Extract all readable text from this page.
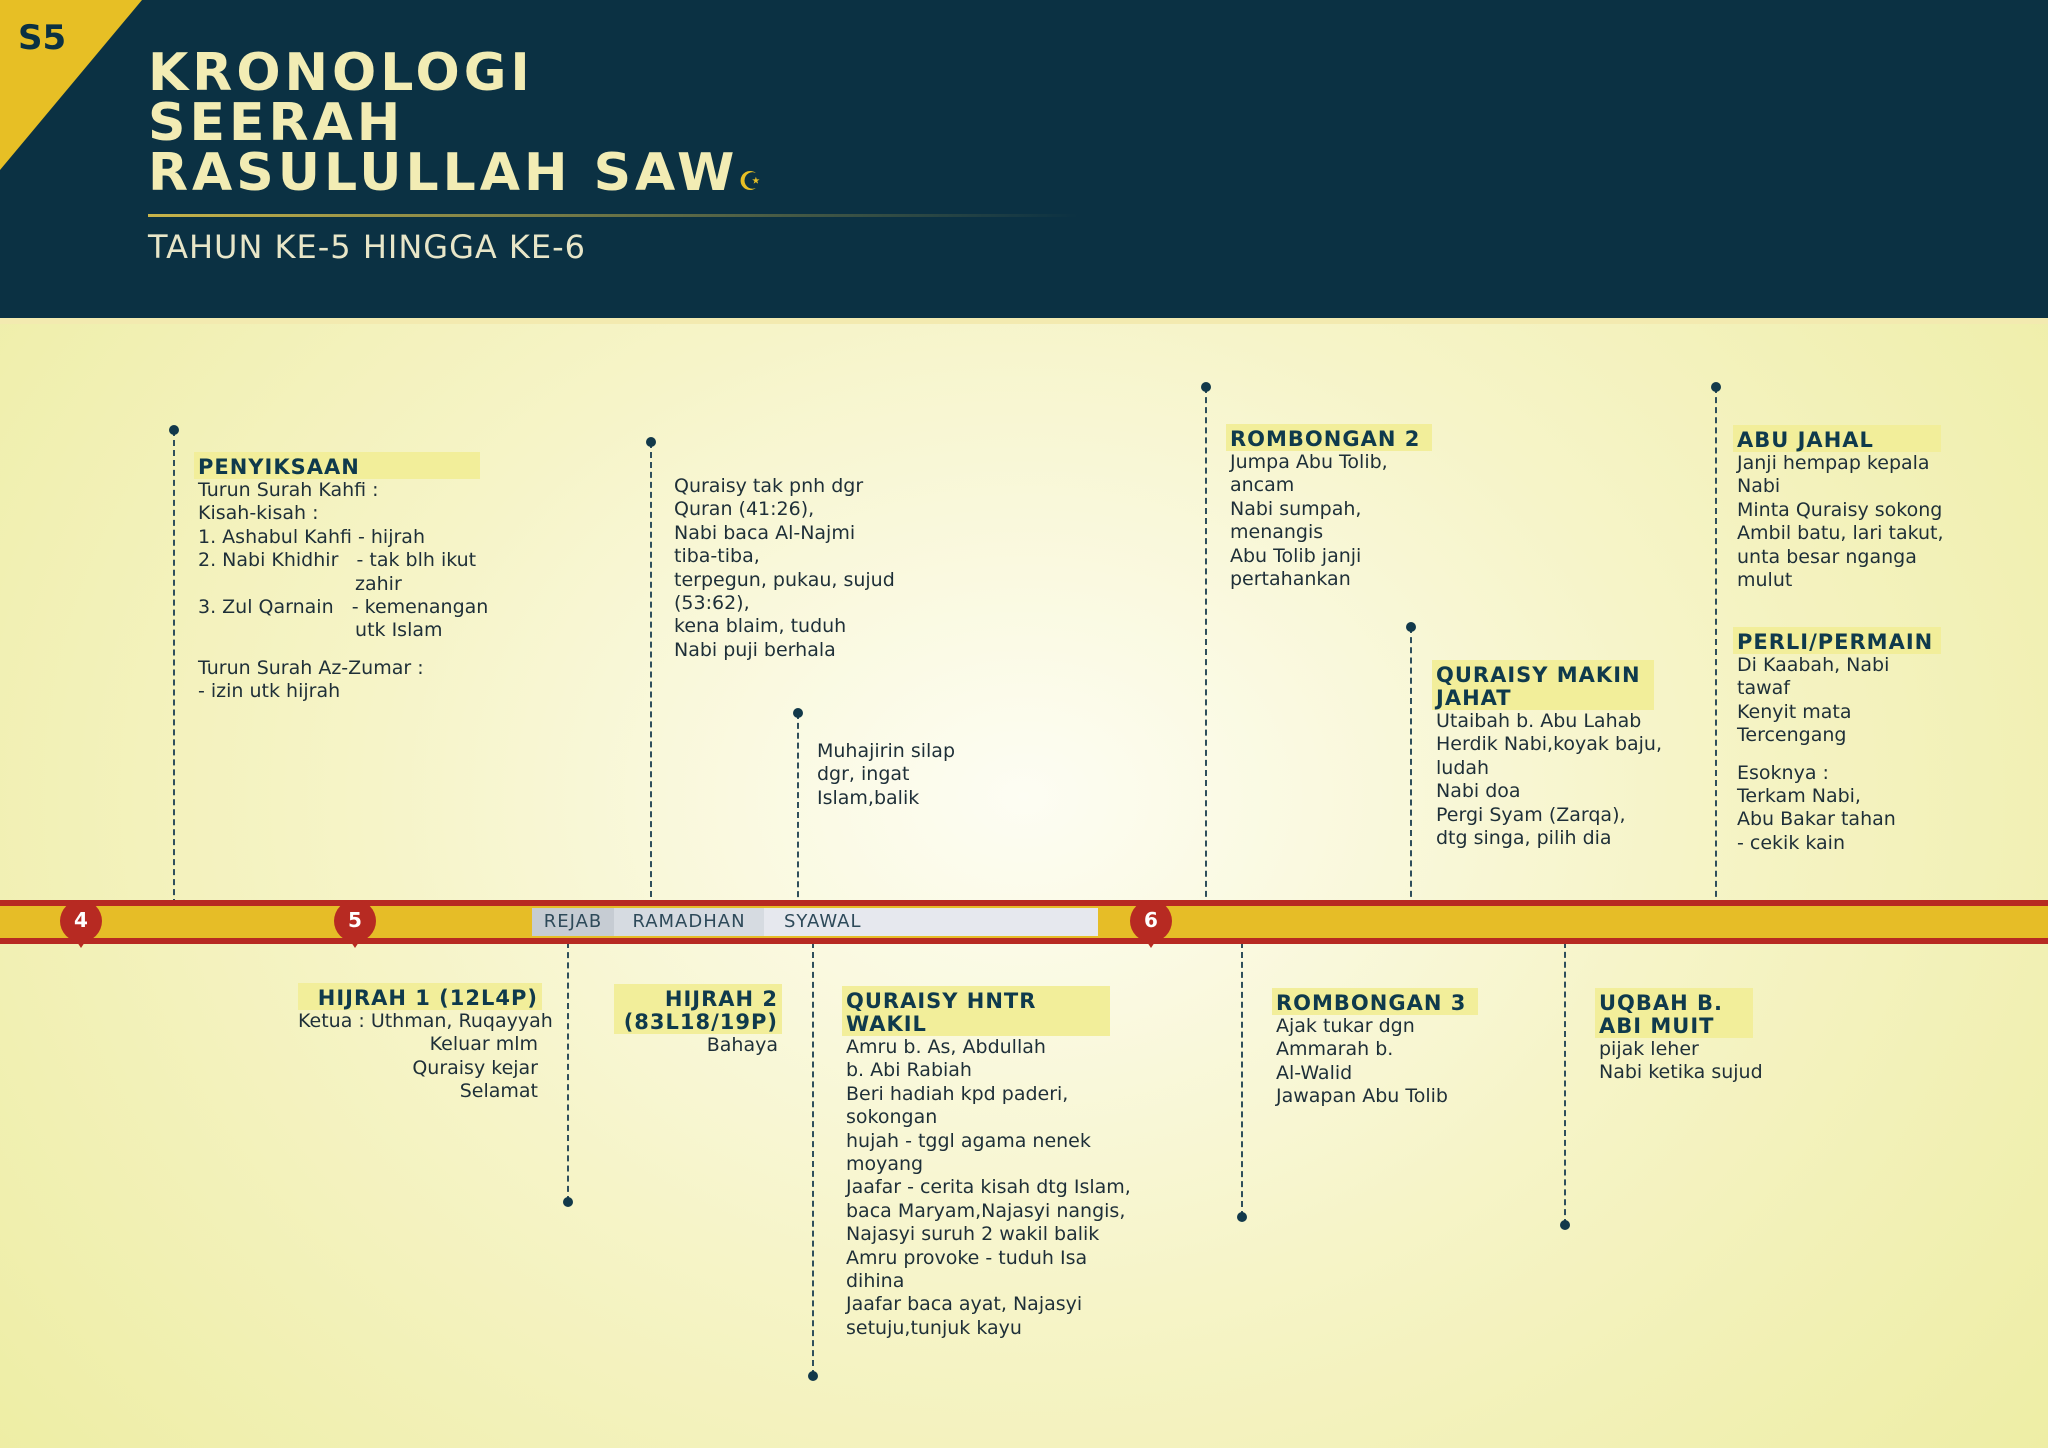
S5
KRONOLOGI
SEERAH
RASULULLAH SAW☪
TAHUN KE-5 HINGGA KE-6
REJAB	RAMADHAN	SYAWAL
4	5	6
PENYIKSAAN
Turun Surah Kahfi :
Kisah-kisah :
1. Ashabul Kahfi - hijrah
2. Nabi Khidhir   - tak blh ikut
zahir
3. Zul Qarnain   - kemenangan
utk Islam
Turun Surah Az-Zumar :
- izin utk hijrah
Quraisy tak pnh dgr
Quran (41:26),
Nabi baca Al-Najmi
tiba-tiba,
terpegun, pukau, sujud
(53:62),
kena blaim, tuduh
Nabi puji berhala
Muhajirin silap
dgr, ingat
Islam,balik
ROMBONGAN 2
Jumpa Abu Tolib,
ancam
Nabi sumpah,
menangis
Abu Tolib janji
pertahankan
QURAISY MAKIN JAHAT
Utaibah b. Abu Lahab
Herdik Nabi,koyak baju,
ludah
Nabi doa
Pergi Syam (Zarqa),
dtg singa, pilih dia
ABU JAHAL
Janji hempap kepala
Nabi
Minta Quraisy sokong
Ambil batu, lari takut,
unta besar nganga
mulut
PERLI/PERMAIN
Di Kaabah, Nabi
tawaf
Kenyit mata
Tercengang
Esoknya :
Terkam Nabi,
Abu Bakar tahan
- cekik kain
HIJRAH 1 (12L4P)
Ketua : Uthman, Ruqayyah
Keluar mlm
Quraisy kejar
Selamat
HIJRAH 2 (83L18/19P)
Bahaya
QURAISY HNTR WAKIL
Amru b. As, Abdullah
b. Abi Rabiah
Beri hadiah kpd paderi,
sokongan
hujah - tggl agama nenek
moyang
Jaafar - cerita kisah dtg Islam,
baca Maryam,Najasyi nangis,
Najasyi suruh 2 wakil balik
Amru provoke - tuduh Isa
dihina
Jaafar baca ayat, Najasyi
setuju,tunjuk kayu
ROMBONGAN 3
Ajak tukar dgn
Ammarah b.
Al-Walid
Jawapan Abu Tolib
UQBAH B. ABI MUIT
pijak leher
Nabi ketika sujud
